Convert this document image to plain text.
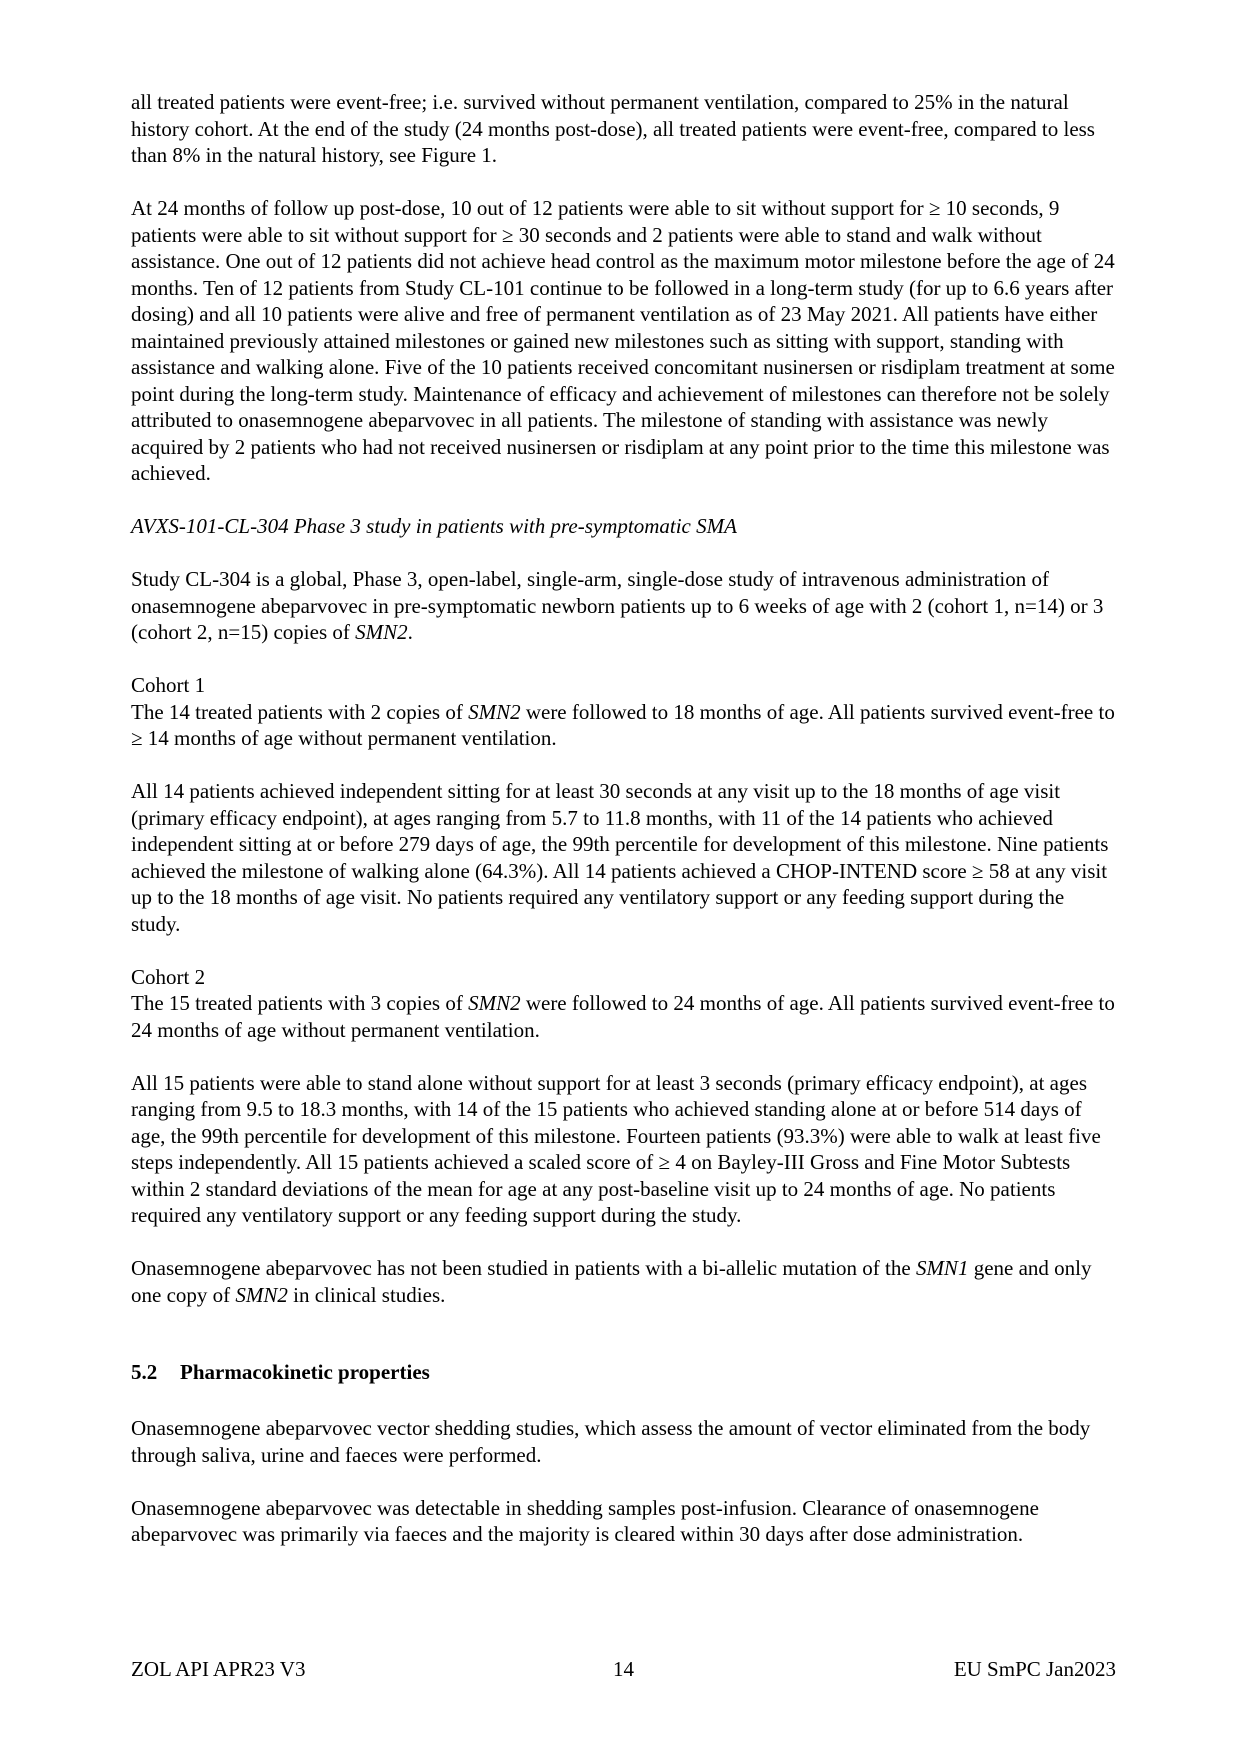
all treated patients were event-free; i.e. survived without permanent ventilation, compared to 25% in the natural history cohort. At the end of the study (24 months post-dose), all treated patients were event-free, compared to less than 8% in the natural history, see Figure 1.

At 24 months of follow up post-dose, 10 out of 12 patients were able to sit without support for ≥ 10 seconds, 9 patients were able to sit without support for ≥ 30 seconds and 2 patients were able to stand and walk without assistance. One out of 12 patients did not achieve head control as the maximum motor milestone before the age of 24 months. Ten of 12 patients from Study CL-101 continue to be followed in a long-term study (for up to 6.6 years after dosing) and all 10 patients were alive and free of permanent ventilation as of 23 May 2021. All patients have either maintained previously attained milestones or gained new milestones such as sitting with support, standing with assistance and walking alone. Five of the 10 patients received concomitant nusinersen or risdiplam treatment at some point during the long-term study. Maintenance of efficacy and achievement of milestones can therefore not be solely attributed to onasemnogene abeparvovec in all patients. The milestone of standing with assistance was newly acquired by 2 patients who had not received nusinersen or risdiplam at any point prior to the time this milestone was achieved.

AVXS-101-CL-304 Phase 3 study in patients with pre-symptomatic SMA

Study CL-304 is a global, Phase 3, open-label, single-arm, single-dose study of intravenous administration of onasemnogene abeparvovec in pre-symptomatic newborn patients up to 6 weeks of age with 2 (cohort 1, n=14) or 3 (cohort 2, n=15) copies of SMN2.

Cohort 1
The 14 treated patients with 2 copies of SMN2 were followed to 18 months of age. All patients survived event-free to ≥ 14 months of age without permanent ventilation.

All 14 patients achieved independent sitting for at least 30 seconds at any visit up to the 18 months of age visit (primary efficacy endpoint), at ages ranging from 5.7 to 11.8 months, with 11 of the 14 patients who achieved independent sitting at or before 279 days of age, the 99th percentile for development of this milestone. Nine patients achieved the milestone of walking alone (64.3%). All 14 patients achieved a CHOP-INTEND score ≥ 58 at any visit up to the 18 months of age visit. No patients required any ventilatory support or any feeding support during the study.

Cohort 2
The 15 treated patients with 3 copies of SMN2 were followed to 24 months of age. All patients survived event-free to 24 months of age without permanent ventilation.

All 15 patients were able to stand alone without support for at least 3 seconds (primary efficacy endpoint), at ages ranging from 9.5 to 18.3 months, with 14 of the 15 patients who achieved standing alone at or before 514 days of age, the 99th percentile for development of this milestone. Fourteen patients (93.3%) were able to walk at least five steps independently. All 15 patients achieved a scaled score of ≥ 4 on Bayley-III Gross and Fine Motor Subtests within 2 standard deviations of the mean for age at any post-baseline visit up to 24 months of age. No patients required any ventilatory support or any feeding support during the study.

Onasemnogene abeparvovec has not been studied in patients with a bi-allelic mutation of the SMN1 gene and only one copy of SMN2 in clinical studies.

5.2 Pharmacokinetic properties

Onasemnogene abeparvovec vector shedding studies, which assess the amount of vector eliminated from the body through saliva, urine and faeces were performed.

Onasemnogene abeparvovec was detectable in shedding samples post-infusion. Clearance of onasemnogene abeparvovec was primarily via faeces and the majority is cleared within 30 days after dose administration.

ZOL API APR23 V3	14	EU SmPC Jan2023
